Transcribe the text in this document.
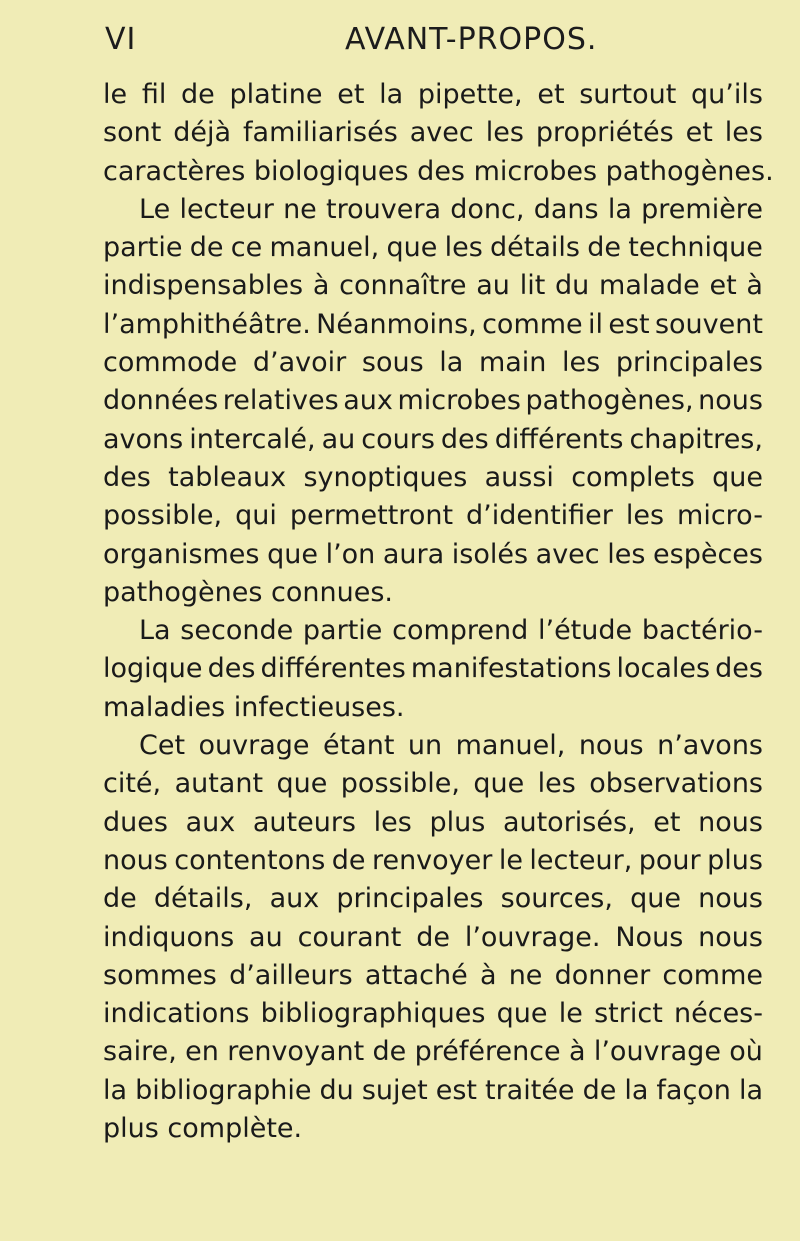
VI	AVANT-PROPOS.
le fil de platine et la pipette, et surtout qu’ils
sont déjà familiarisés avec les propriétés et les
caractères biologiques des microbes pathogènes.
Le lecteur ne trouvera donc, dans la première
partie de ce manuel, que les détails de technique
indispensables à connaître au lit du malade et à
l’amphithéâtre. Néanmoins, comme il est souvent
commode d’avoir sous la main les principales
données relatives aux microbes pathogènes, nous
avons intercalé, au cours des différents chapitres,
des tableaux synoptiques aussi complets que
possible, qui permettront d’identifier les micro-
organismes que l’on aura isolés avec les espèces
pathogènes connues.
La seconde partie comprend l’étude bactério-
logique des différentes manifestations locales des
maladies infectieuses.
Cet ouvrage étant un manuel, nous n’avons
cité, autant que possible, que les observations
dues aux auteurs les plus autorisés, et nous
nous contentons de renvoyer le lecteur, pour plus
de détails, aux principales sources, que nous
indiquons au courant de l’ouvrage. Nous nous
sommes d’ailleurs attaché à ne donner comme
indications bibliographiques que le strict néces-
saire, en renvoyant de préférence à l’ouvrage où
la bibliographie du sujet est traitée de la façon la
plus complète.
